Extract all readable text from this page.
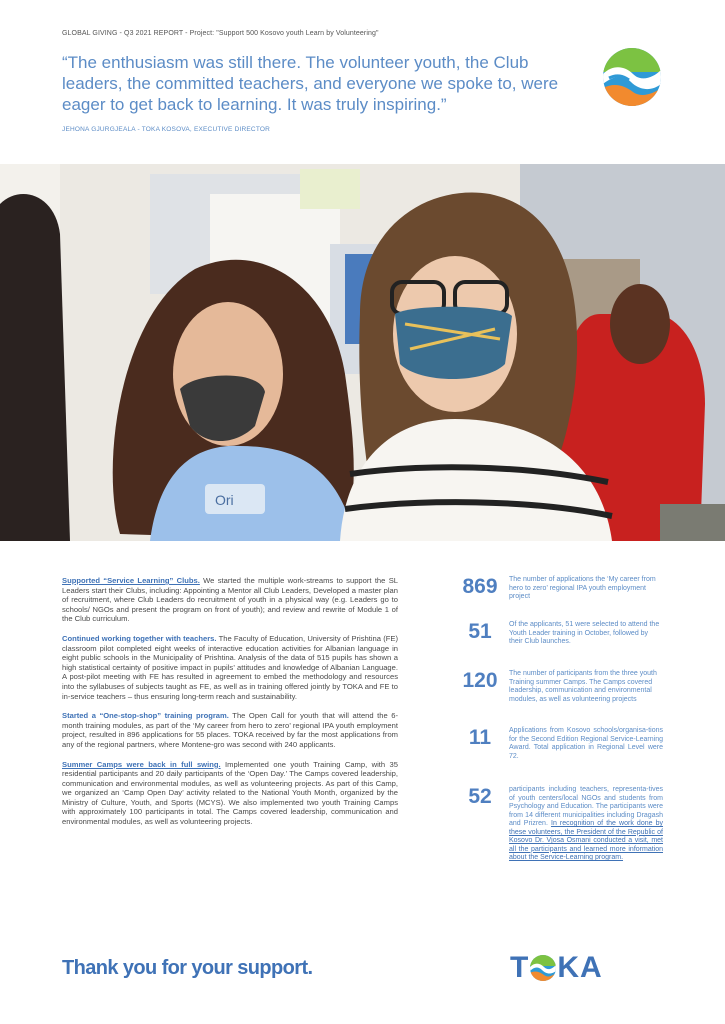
GLOBAL GIVING - Q3 2021 REPORT - Project: "Support 500 Kosovo youth Learn by Volunteering"
“The enthusiasm was still there. The volunteer youth, the Club leaders, the committed teachers, and everyone we spoke to, were eager to get back to learning. It was truly inspiring.”
JEHONA GJURGJEALA - TOKA KOSOVA, EXECUTIVE DIRECTOR
Ori

Supported “Service Learning” Clubs. We started the multiple work-streams to support the SL Leaders start their Clubs, including: Appointing a Mentor all Club Leaders, Developed a master plan of recruitment, where Club Leaders do recruitment of youth in a physical way (e.g. Leaders go to schools/ NGOs and present the program on front of youth); and review and rewrite of Module 1 of the Club curriculum.

Continued working together with teachers. The Faculty of Education, University of Prishtina (FE) classroom pilot completed eight weeks of interactive education activities for Albanian language in eight public schools in the Municipality of Prishtina. Analysis of the data of 515 pupils has shown a high statistical certainty of positive impact in pupils’ attitudes and knowledge of Albanian Language. A post-pilot meeting with FE has resulted in agreement to embed the methodology and resources into the syllabuses of subjects taught as FE, as well as in training offered jointly by TOKA and FE to in-service teachers – thus ensuring long-term reach and sustainability.

Started a “One-stop-shop” training program. The Open Call for youth that will attend the 6-month training modules, as part of the ‘My career from hero to zero’ regional IPA youth employment project, resulted in 896 applications for 55 places. TOKA received by far the most applications from any of the regional partners, where Montene-gro was second with 240 applicants.

Summer Camps were back in full swing. Implemented one youth Training Camp, with 35 residential participants and 20 daily participants of the ‘Open Day.’ The Camps covered leadership, communication and environmental modules, as well as volunteering projects. As part of this Camp, we organized an ‘Camp Open Day’ activity related to the National Youth Month, organized by the Ministry of Culture, Youth, and Sports (MCYS). We also implemented two youth Training Camps with approximately 100 participants in total. The Camps covered leadership, communication and environmental modules, as well as volunteering projects.

869	The number of applications the ‘My career from hero to zero’ regional IPA youth employment project
51	Of the applicants, 51 were selected to attend the Youth Leader training in October, followed by their Club launches.
120	The number of participants from the three youth Training summer Camps. The Camps covered leadership, communication and environmental modules, as well as volunteering projects
11	Applications from Kosovo schools/organisa-tions for the Second Edition Regional Service-Learning Award. Total application in Regional Level were 72.
52	participants including teachers, representa-tives of youth centers/local NGOs and students from Psychology and Education. The participants were from 14 different municipalities including Dragash and Prizren. In recognition of the work done by these volunteers, the President of the Republic of Kosovo Dr. Vjosa Osmani conducted a visit, met all the participants and learned more information about the Service-Learning program.
Thank you for your support.	T KA
